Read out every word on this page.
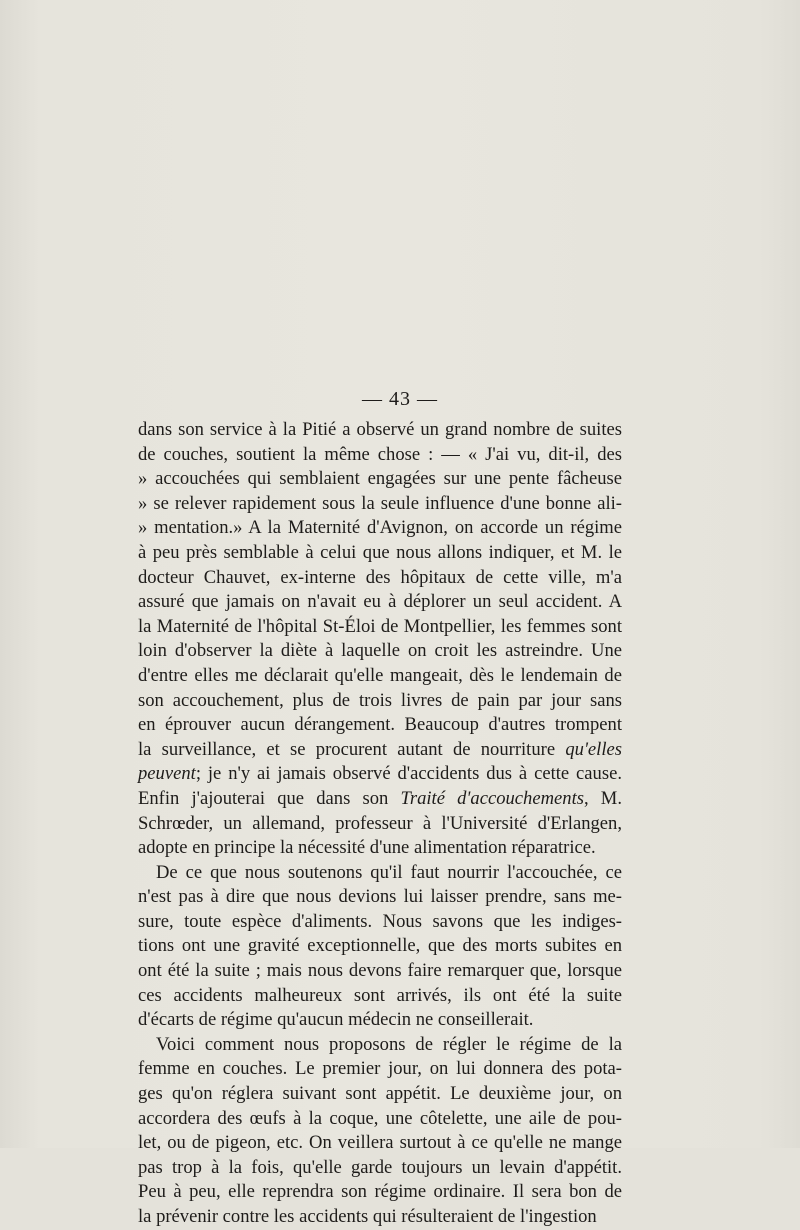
— 43 —
dans son service à la Pitié a observé un grand nombre de suites
de couches, soutient la même chose : — « J'ai vu, dit-il, des
» accouchées qui semblaient engagées sur une pente fâcheuse
» se relever rapidement sous la seule influence d'une bonne ali-
» mentation.» A la Maternité d'Avignon, on accorde un régime
à peu près semblable à celui que nous allons indiquer, et M. le
docteur Chauvet, ex-interne des hôpitaux de cette ville, m'a
assuré que jamais on n'avait eu à déplorer un seul accident. A
la Maternité de l'hôpital St-Éloi de Montpellier, les femmes sont
loin d'observer la diète à laquelle on croit les astreindre. Une
d'entre elles me déclarait qu'elle mangeait, dès le lendemain de
son accouchement, plus de trois livres de pain par jour sans
en éprouver aucun dérangement. Beaucoup d'autres trompent
la surveillance, et se procurent autant de nourriture qu'elles
peuvent; je n'y ai jamais observé d'accidents dus à cette cause.
Enfin j'ajouterai que dans son Traité d'accouchements, M.
Schrœder, un allemand, professeur à l'Université d'Erlangen,
adopte en principe la nécessité d'une alimentation réparatrice.
De ce que nous soutenons qu'il faut nourrir l'accouchée, ce
n'est pas à dire que nous devions lui laisser prendre, sans me-
sure, toute espèce d'aliments. Nous savons que les indiges-
tions ont une gravité exceptionnelle, que des morts subites en
ont été la suite ; mais nous devons faire remarquer que, lorsque
ces accidents malheureux sont arrivés, ils ont été la suite
d'écarts de régime qu'aucun médecin ne conseillerait.
Voici comment nous proposons de régler le régime de la
femme en couches. Le premier jour, on lui donnera des pota-
ges qu'on réglera suivant sont appétit. Le deuxième jour, on
accordera des œufs à la coque, une côtelette, une aile de pou-
let, ou de pigeon, etc. On veillera surtout à ce qu'elle ne mange
pas trop à la fois, qu'elle garde toujours un levain d'appétit.
Peu à peu, elle reprendra son régime ordinaire. Il sera bon de
la prévenir contre les accidents qui résulteraient de l'ingestion
